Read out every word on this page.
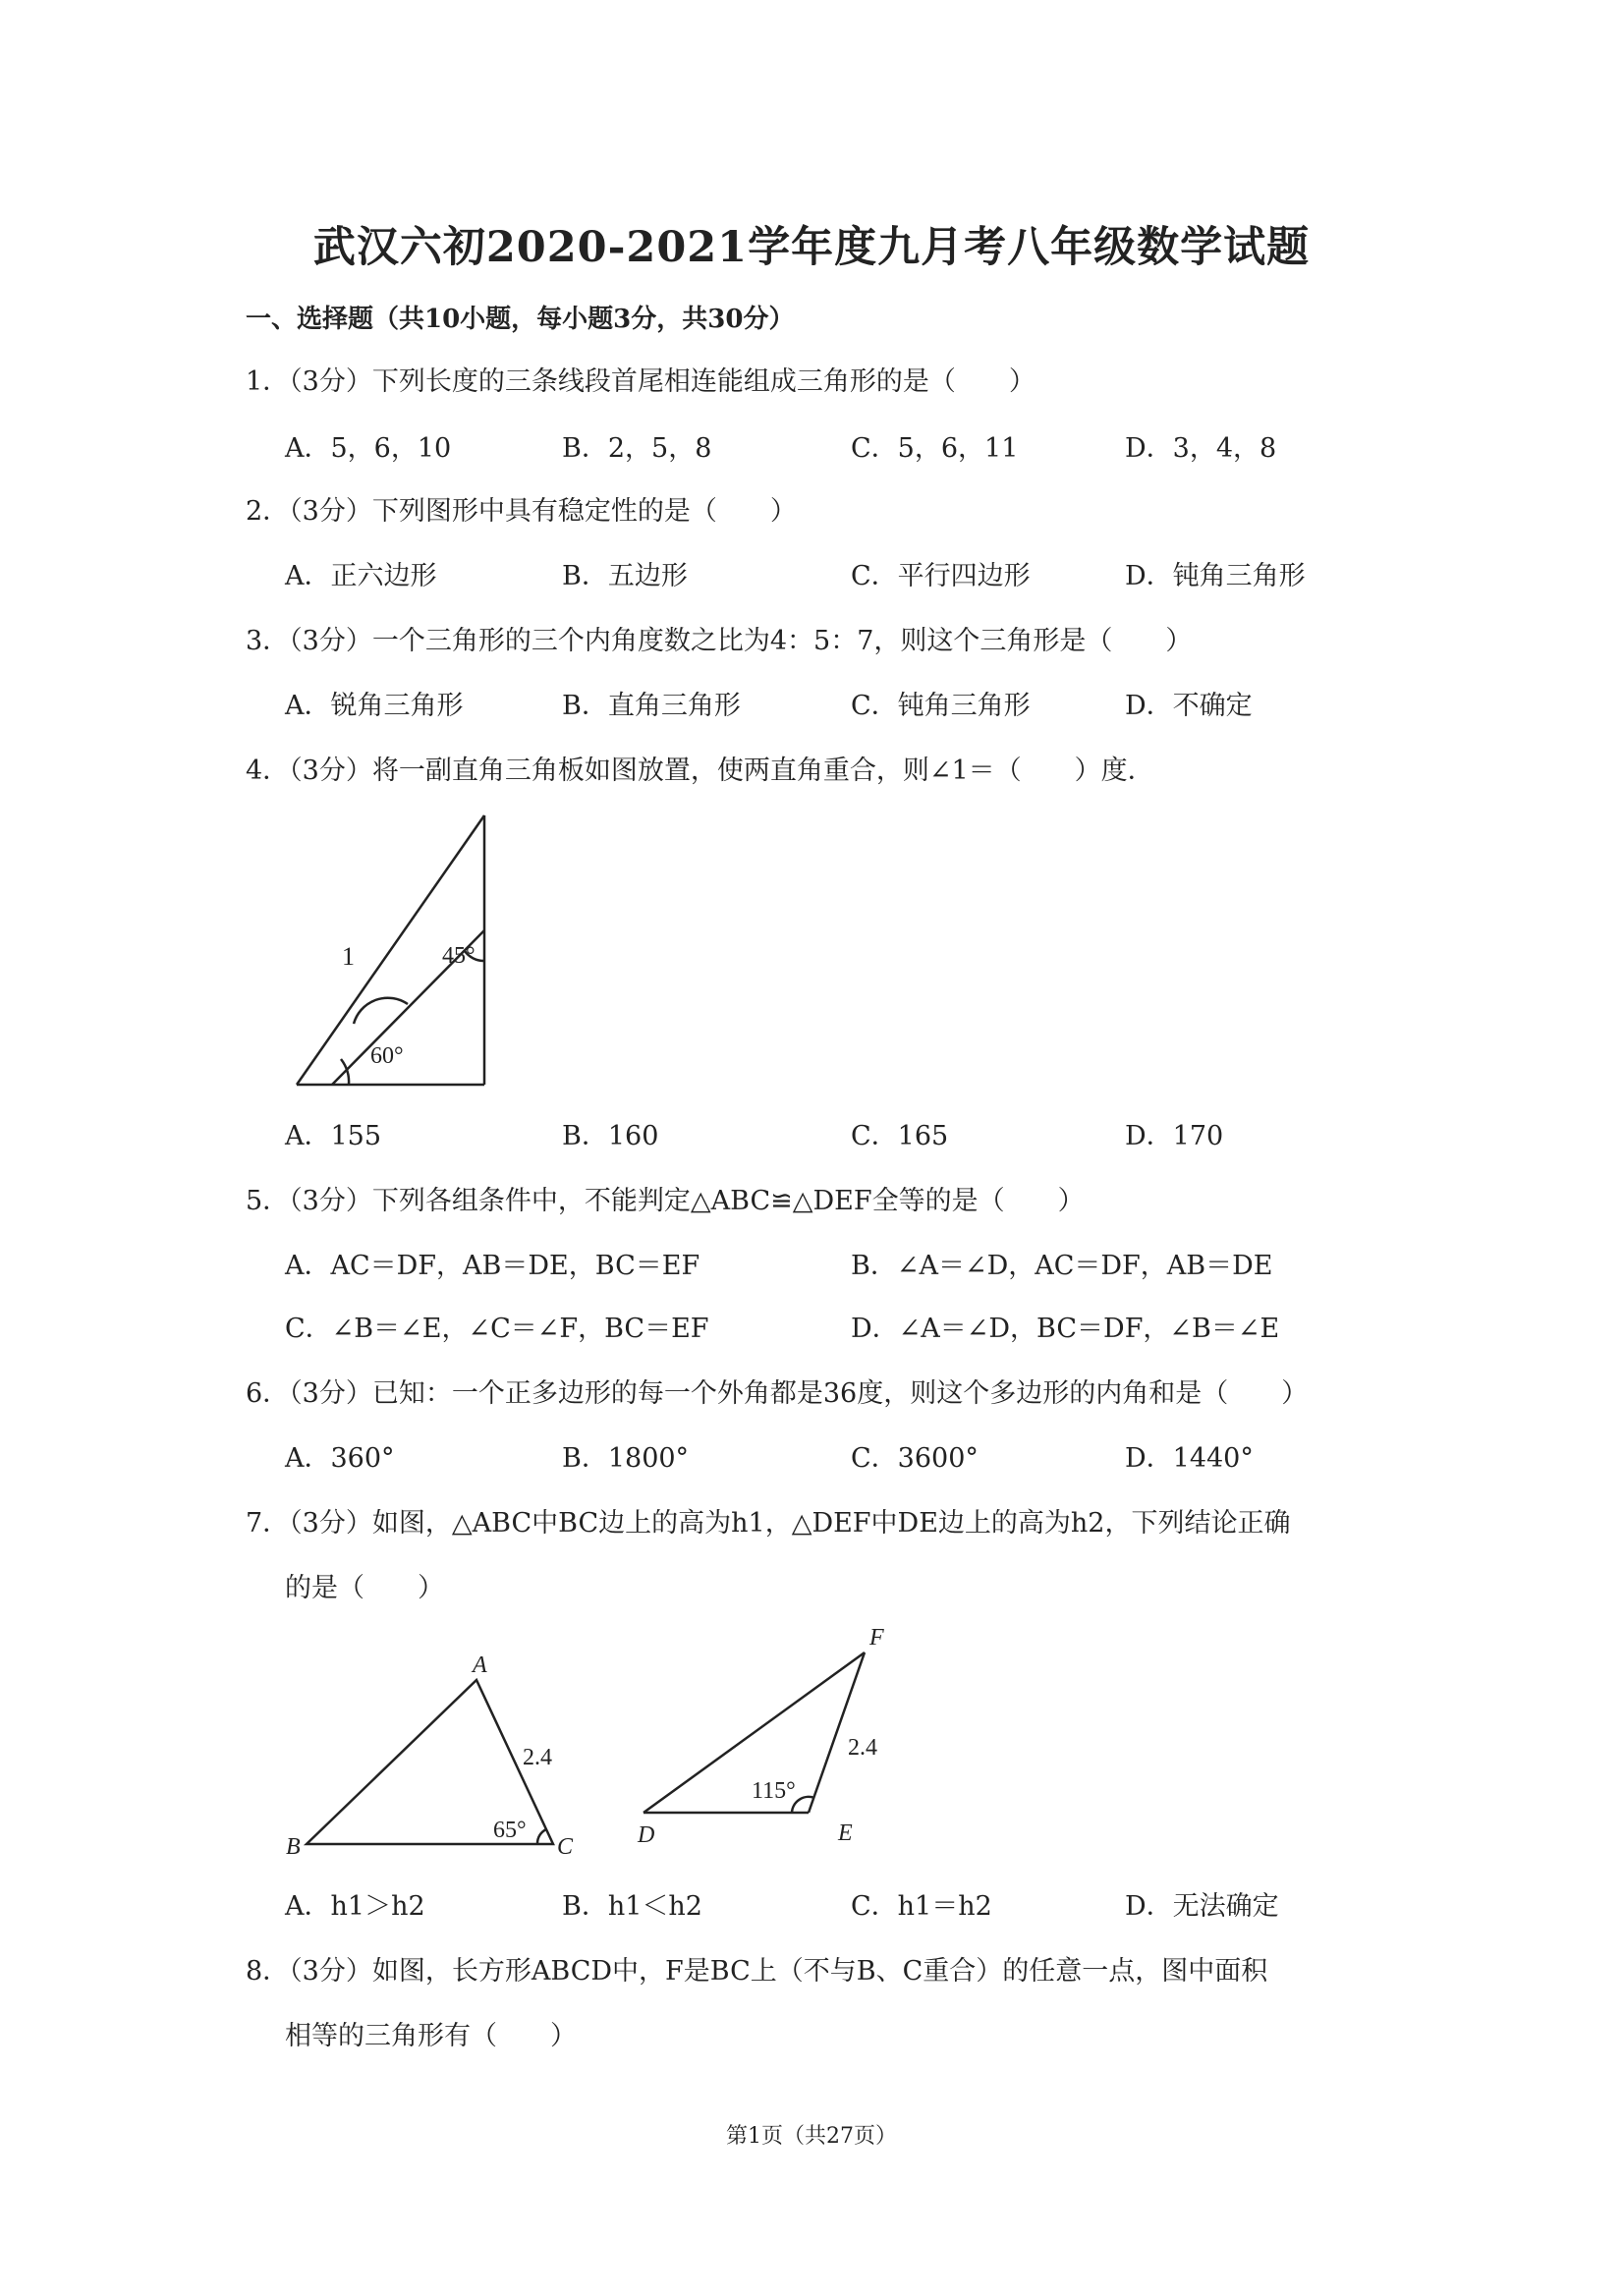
武汉六初2020-2021学年度九月考八年级数学试题
一、选择题（共10小题，每小题3分，共30分）
1．（3分）下列长度的三条线段首尾相连能组成三角形的是（　　）
A．5，6，10	B．2，5，8	C．5，6，11	D．3，4，8
2．（3分）下列图形中具有稳定性的是（　　）
A．正六边形	B．五边形	C．平行四边形	D．钝角三角形
3．（3分）一个三角形的三个内角度数之比为4：5：7，则这个三角形是（　　）
A．锐角三角形	B．直角三角形	C．钝角三角形	D．不确定
4．（3分）将一副直角三角板如图放置，使两直角重合，则∠1＝（　　）度．
1	45°
60°
A．155	B．160	C．165	D．170
5．（3分）下列各组条件中，不能判定△ABC≌△DEF全等的是（　　）
A．AC＝DF，AB＝DE，BC＝EF	B．∠A＝∠D，AC＝DF，AB＝DE
C．∠B＝∠E，∠C＝∠F，BC＝EF	D．∠A＝∠D，BC＝DF，∠B＝∠E
6．（3分）已知：一个正多边形的每一个外角都是36度，则这个多边形的内角和是（　　）
A．360°	B．1800°	C．3600°	D．1440°
7．（3分）如图，△ABC中BC边上的高为h1，△DEF中DE边上的高为h2，下列结论正确
的是（　　）
A
B	C
2.4
65°	D	E
F
2.4
115°
A．h1＞h2	B．h1＜h2	C．h1＝h2	D．无法确定
8．（3分）如图，长方形ABCD中，F是BC上（不与B、C重合）的任意一点，图中面积
相等的三角形有（　　）
第1页（共27页）
